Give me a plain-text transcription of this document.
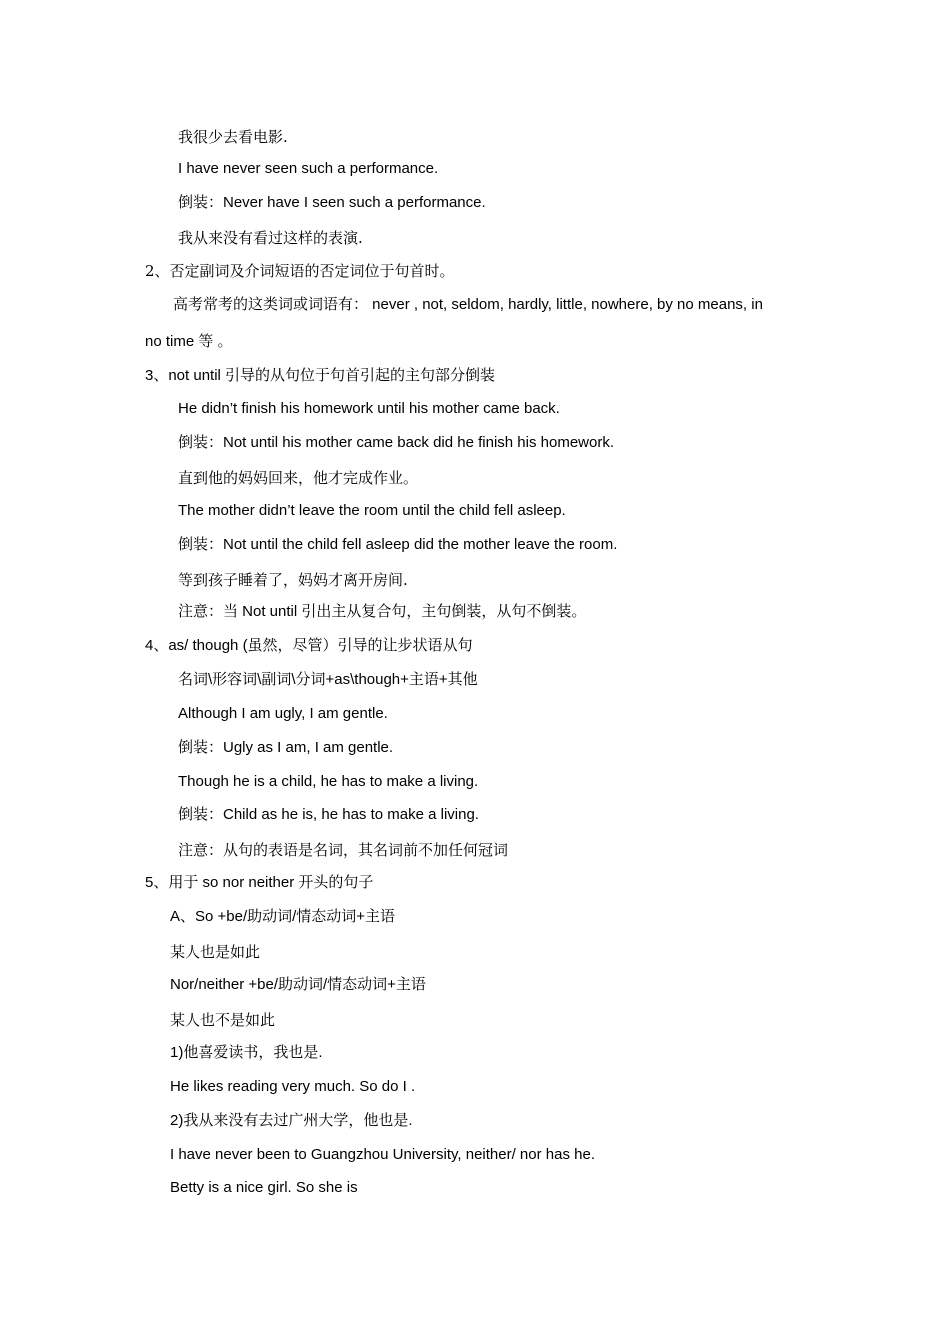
我很少去看电影.
I have never seen such a performance.
倒装：Never have I seen such a performance.
我从来没有看过这样的表演.
2、否定副词及介词短语的否定词位于句首时。
高考常考的这类词或词语有： never , not, seldom, hardly, little, nowhere, by no means, in
no time 等 。
3、not until 引导的从句位于句首引起的主句部分倒装
He didn’t finish his homework until his mother came back.
倒装：Not until his mother came back did he finish his homework.
直到他的妈妈回来，他才完成作业。
The mother didn’t leave the room until the child fell asleep.
倒装：Not until the child fell asleep did the mother leave the room.
等到孩子睡着了，妈妈才离开房间.
注意：当 Not until 引出主从复合句，主句倒装，从句不倒装。
4、as/ though (虽然，尽管）引导的让步状语从句
名词\形容词\副词\分词+as\though+主语+其他
Although I am ugly, I am gentle.
倒装：Ugly as I am, I am gentle.
Though he is a child, he has to make a living.
倒装：Child as he is, he has to make a living.
注意：从句的表语是名词，其名词前不加任何冠词
5、用于 so nor neither 开头的句子
A、So +be/助动词/情态动词+主语
某人也是如此
Nor/neither +be/助动词/情态动词+主语
某人也不是如此
1)他喜爱读书，我也是.
He likes reading very much. So do I .
2)我从来没有去过广州大学，他也是.
I have never been to Guangzhou University, neither/ nor has he.
Betty is a nice girl. So she is
